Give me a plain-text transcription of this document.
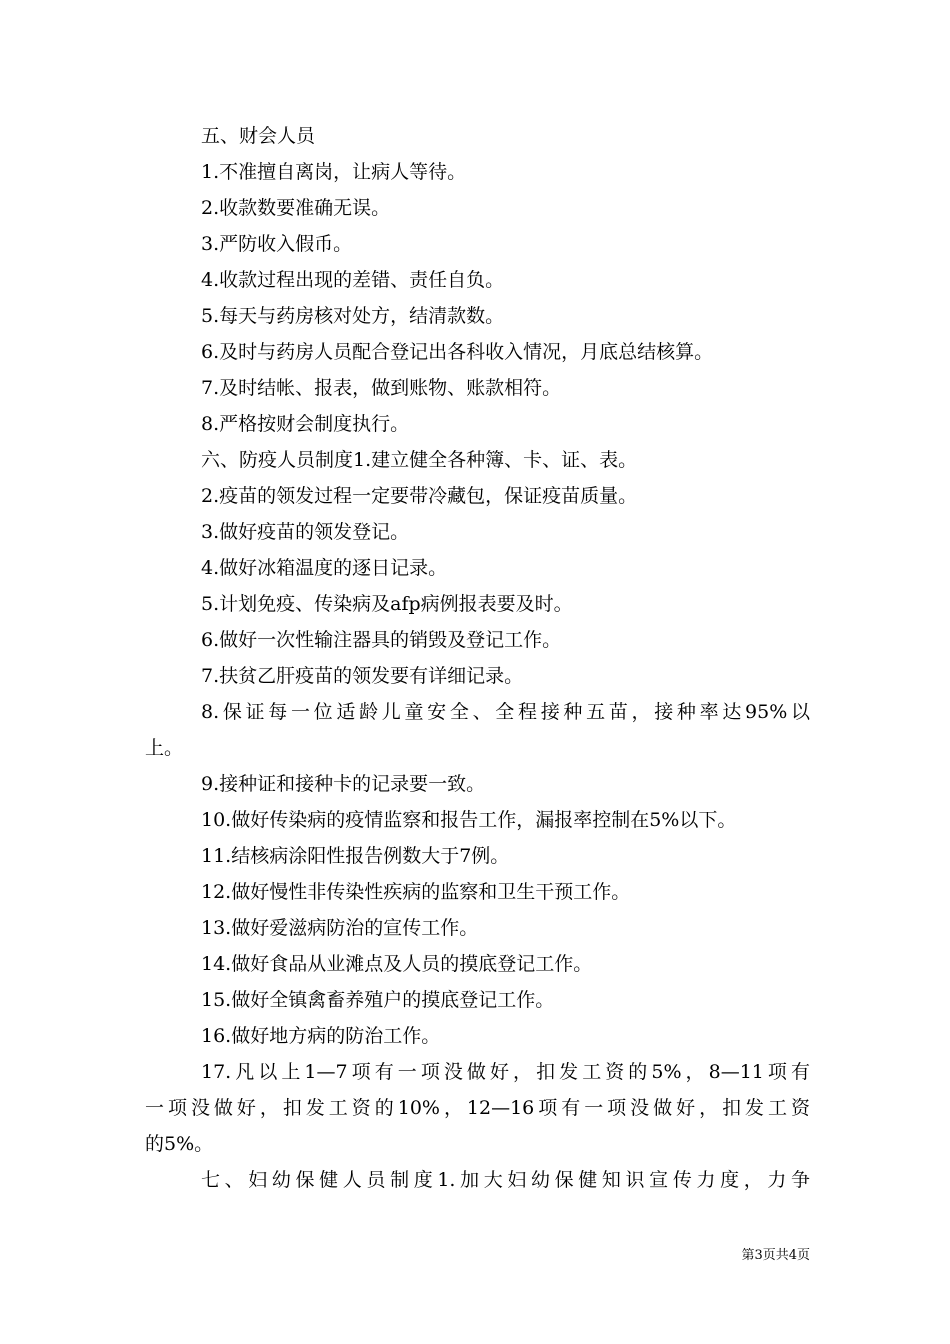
五、财会人员
1.不准擅自离岗，让病人等待。
2.收款数要准确无误。
3.严防收入假币。
4.收款过程出现的差错、责任自负。
5.每天与药房核对处方，结清款数。
6.及时与药房人员配合登记出各科收入情况，月底总结核算。
7.及时结帐、报表，做到账物、账款相符。
8.严格按财会制度执行。
六、防疫人员制度1.建立健全各种簿、卡、证、表。
2.疫苗的领发过程一定要带冷藏包，保证疫苗质量。
3.做好疫苗的领发登记。
4.做好冰箱温度的逐日记录。
5.计划免疫、传染病及afp病例报表要及时。
6.做好一次性输注器具的销毁及登记工作。
7.扶贫乙肝疫苗的领发要有详细记录。
8.保证每一位适龄儿童安全、全程接种五苗，接种率达95%以
上。
9.接种证和接种卡的记录要一致。
10.做好传染病的疫情监察和报告工作，漏报率控制在5%以下。
11.结核病涂阳性报告例数大于7例。
12.做好慢性非传染性疾病的监察和卫生干预工作。
13.做好爱滋病防治的宣传工作。
14.做好食品从业滩点及人员的摸底登记工作。
15.做好全镇禽畜养殖户的摸底登记工作。
16.做好地方病的防治工作。
17.凡以上1—7项有一项没做好，扣发工资的5%，8—11项有
一项没做好，扣发工资的10%，12—16项有一项没做好，扣发工资
的5%。
七、妇幼保健人员制度1.加大妇幼保健知识宣传力度，力争
第3页共4页
